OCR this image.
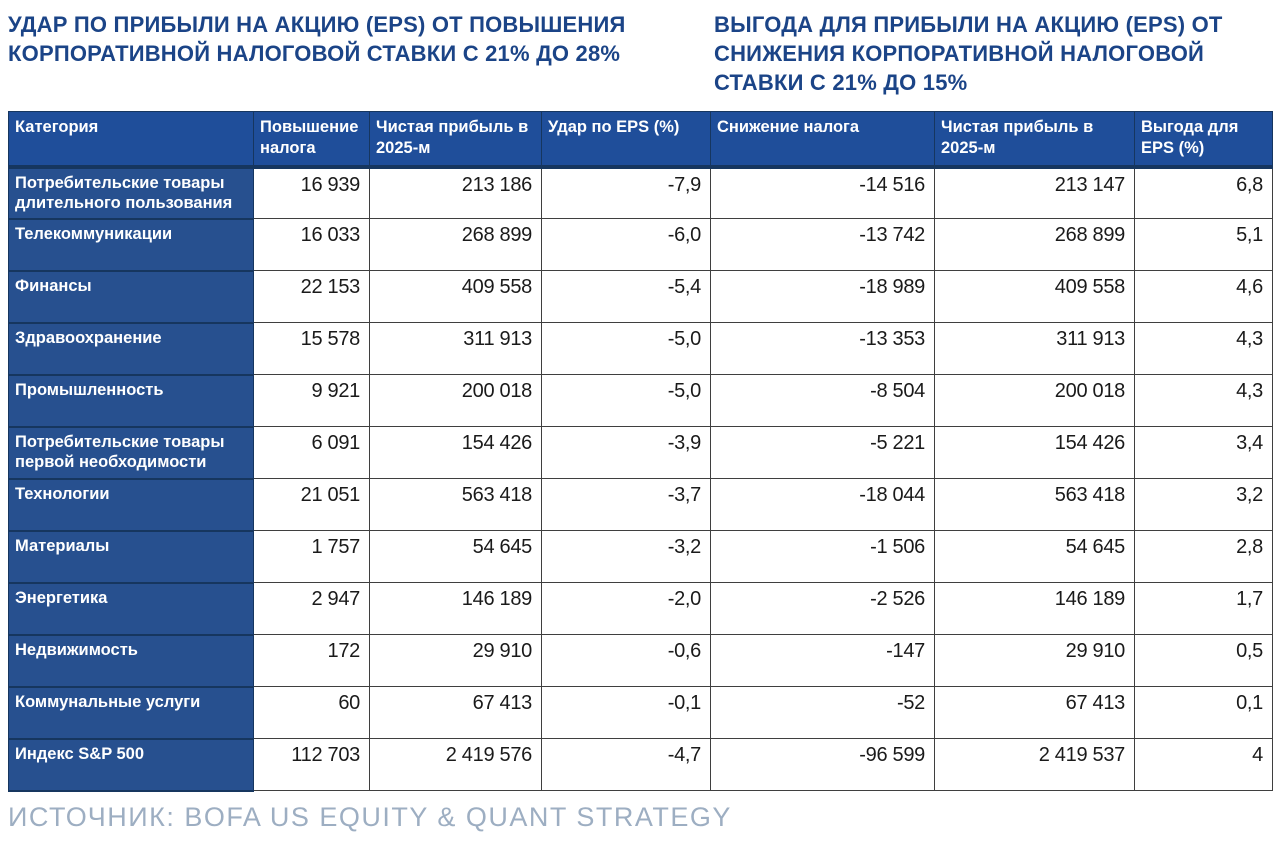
УДАР ПО ПРИБЫЛИ НА АКЦИЮ (EPS) ОТ ПОВЫШЕНИЯ КОРПОРАТИВНОЙ НАЛОГОВОЙ СТАВКИ С 21% ДО 28%
ВЫГОДА ДЛЯ ПРИБЫЛИ НА АКЦИЮ (EPS) ОТ СНИЖЕНИЯ КОРПОРАТИВНОЙ НАЛОГОВОЙ СТАВКИ С 21% ДО 15%
Категория	Повышение налога	Чистая прибыль в 2025-м	Удар по EPS (%)	Снижение налога	Чистая прибыль в 2025-м	Выгода для EPS (%)
Потребительские товары длительного пользования	16 939	213 186	-7,9	-14 516	213 147	6,8
Телекоммуникации	16 033	268 899	-6,0	-13 742	268 899	5,1
Финансы	22 153	409 558	-5,4	-18 989	409 558	4,6
Здравоохранение	15 578	311 913	-5,0	-13 353	311 913	4,3
Промышленность	9 921	200 018	-5,0	-8 504	200 018	4,3
Потребительские товары первой необходимости	6 091	154 426	-3,9	-5 221	154 426	3,4
Технологии	21 051	563 418	-3,7	-18 044	563 418	3,2
Материалы	1 757	54 645	-3,2	-1 506	54 645	2,8
Энергетика	2 947	146 189	-2,0	-2 526	146 189	1,7
Недвижимость	172	29 910	-0,6	-147	29 910	0,5
Коммунальные услуги	60	67 413	-0,1	-52	67 413	0,1
Индекс S&P 500	112 703	2 419 576	-4,7	-96 599	2 419 537	4
ИСТОЧНИК: BOFA US EQUITY & QUANT STRATEGY
